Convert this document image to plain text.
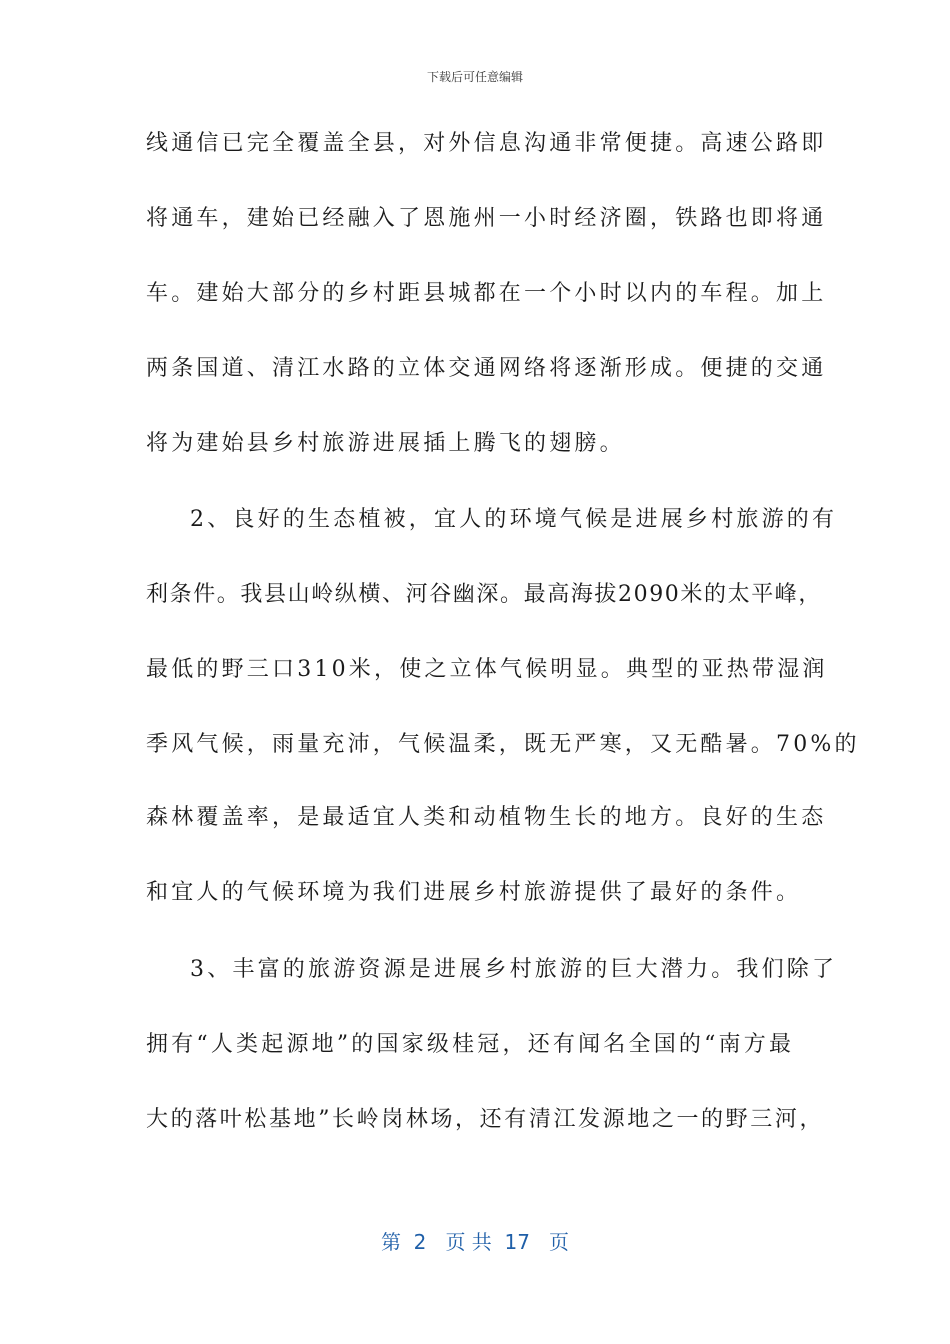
下载后可任意编辑
线通信已完全覆盖全县，对外信息沟通非常便捷。高速公路即
将通车，建始已经融入了恩施州一小时经济圈，铁路也即将通
车。建始大部分的乡村距县城都在一个小时以内的车程。加上
两条国道、清江水路的立体交通网络将逐渐形成。便捷的交通
将为建始县乡村旅游进展插上腾飞的翅膀。
2、良好的生态植被，宜人的环境气候是进展乡村旅游的有
利条件。我县山岭纵横、河谷幽深。最高海拔2090米的太平峰，
最低的野三口310米，使之立体气候明显。典型的亚热带湿润
季风气候，雨量充沛，气候温柔，既无严寒，又无酷暑。70%的
森林覆盖率，是最适宜人类和动植物生长的地方。良好的生态
和宜人的气候环境为我们进展乡村旅游提供了最好的条件。
3、丰富的旅游资源是进展乡村旅游的巨大潜力。我们除了
拥有“人类起源地”的国家级桂冠，还有闻名全国的“南方最
大的落叶松基地”长岭岗林场，还有清江发源地之一的野三河，
第  2   页 共  17   页
